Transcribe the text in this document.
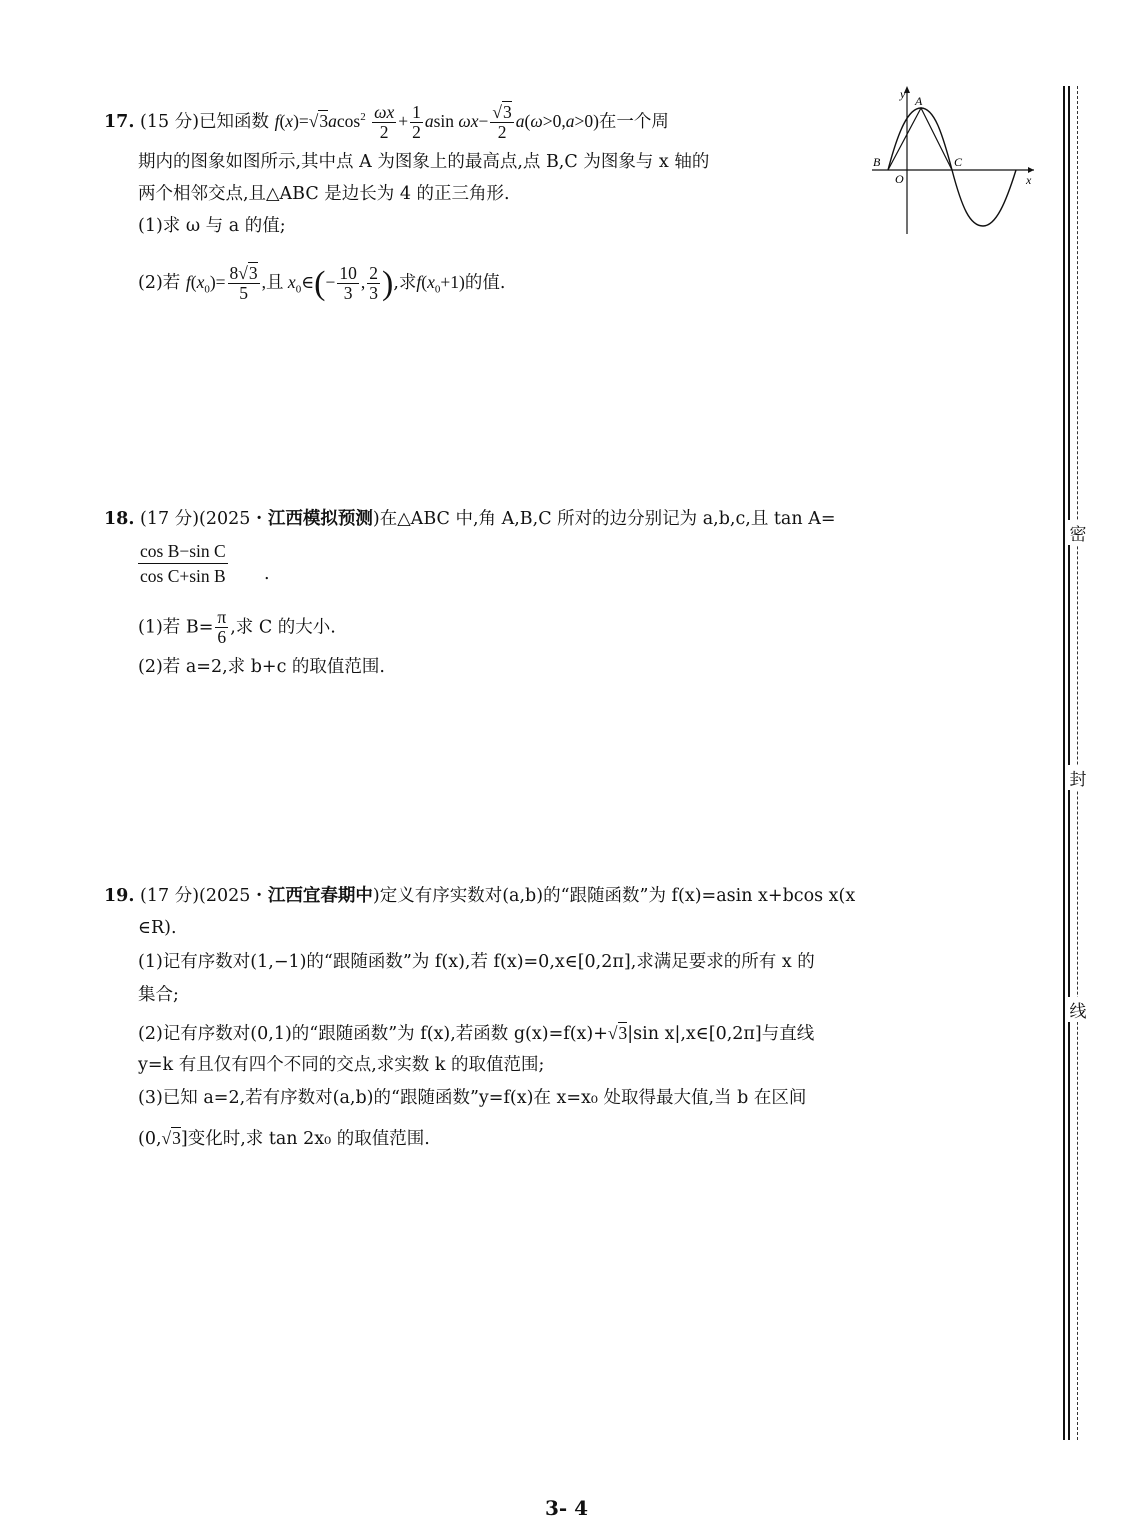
17. (15 分)已知函数 $f(x)=√3acos^2 \frac{\omega x}{2} + \frac{1}{2}$ asin $\omega x- \frac{√3}{2} a(\omega>0,a>0)$在一个周
期内的图象如图所示,其中点 A 为图象上的最高点,点 B,C 为图象与 x 轴的
两个相邻交点,且△ABC 是边长为 4 的正三角形.
(1)求 ω 与 a 的值;
(2)若 $f(x_0)= \frac{8√3}{5}$ ,且 $x_0\in(- \frac{10}{3}$ , $\frac{2}{3}$ ),求$f(x_0+1)$的值.
y A
B	C
O	x
18. (17 分)(2025・江西模拟预测)在△ABC 中,角 A,B,C 所对的边分别记为 a,b,c,且 tan A=
$\frac{\text{cos B−sin C}}{\text{cos C+sin B}}$ .
(1)若 $B= \frac{\pi}{6}$ ,求 C 的大小.
(2)若 a=2,求 b+c 的取值范围.
19. (17 分)(2025・江西宜春期中)定义有序实数对(a,b)的“跟随函数”为 f(x)=asin x+bcos x(x
∈R).
(1)记有序数对(1,−1)的“跟随函数”为 f(x),若 f(x)=0,x∈[0,2π],求满足要求的所有 x 的
集合;
(2)记有序数对(0,1)的“跟随函数”为 f(x),若函数 g(x)=f(x)+√3|sin x|,x∈[0,2π]与直线
y=k 有且仅有四个不同的交点,求实数 k 的取值范围;
(3)已知 a=2,若有序数对(a,b)的“跟随函数”y=f(x)在 x=x₀ 处取得最大值,当 b 在区间
(0,√3]变化时,求 tan 2x₀ 的取值范围.
密
封
线
3- 4
